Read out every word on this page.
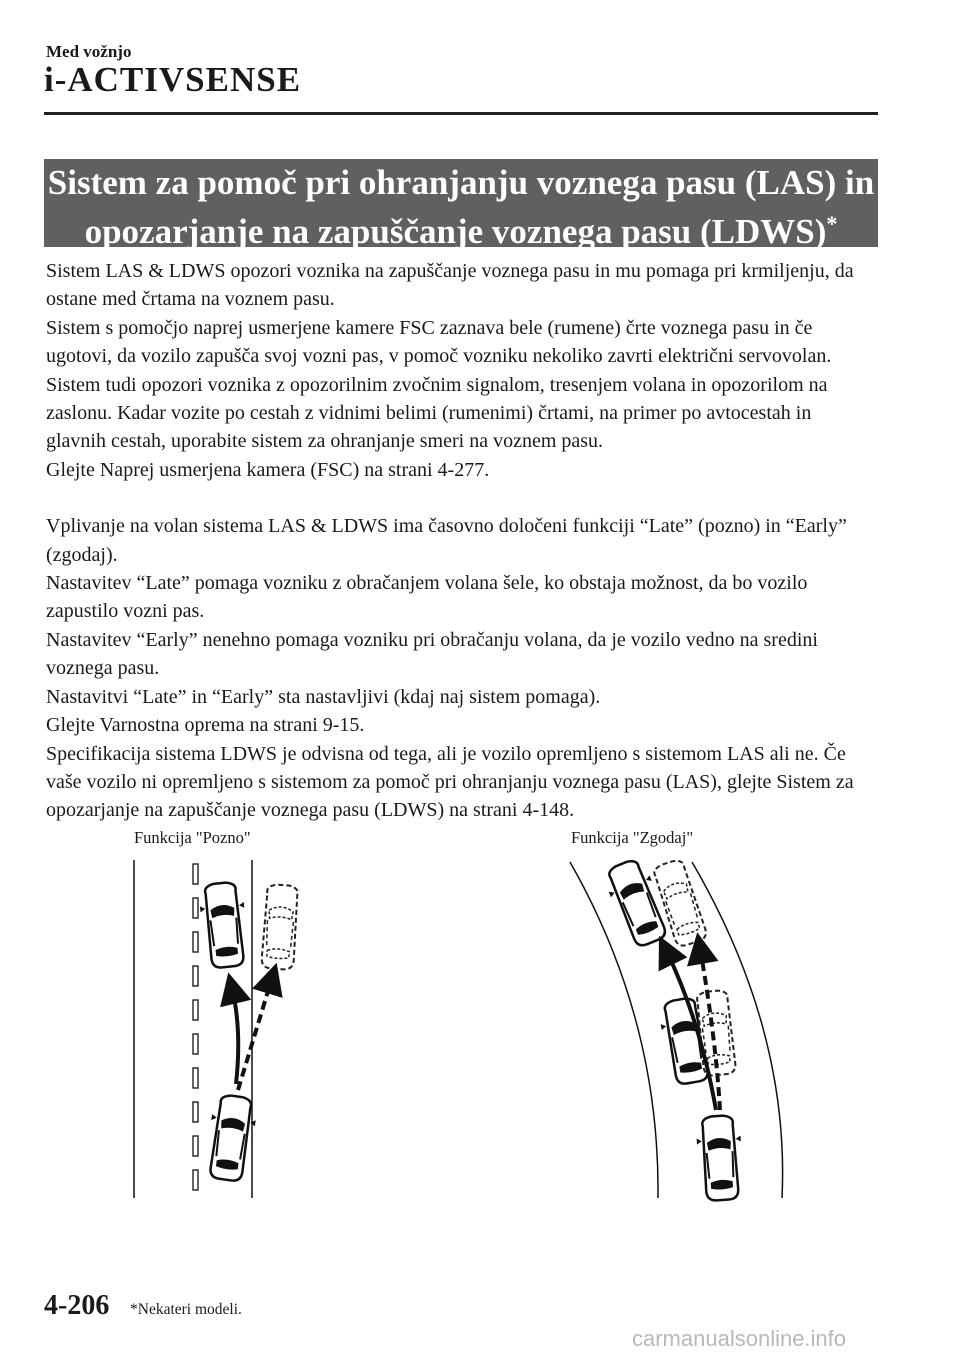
Med vožnjo
i-ACTIVSENSE
Sistem za pomoč pri ohranjanju voznega pasu (LAS) in
opozarjanje na zapuščanje voznega pasu (LDWS)*

Sistem LAS & LDWS opozori voznika na zapuščanje voznega pasu in mu pomaga pri krmiljenju, da ostane med črtama na voznem pasu.

Sistem s pomočjo naprej usmerjene kamere FSC zaznava bele (rumene) črte voznega pasu in če ugotovi, da vozilo zapušča svoj vozni pas, v pomoč vozniku nekoliko zavrti električni servovolan. Sistem tudi opozori voznika z opozorilnim zvočnim signalom, tresenjem volana in opozorilom na zaslonu. Kadar vozite po cestah z vidnimi belimi (rumenimi) črtami, na primer po avtocestah in glavnih cestah, uporabite sistem za ohranjanje smeri na voznem pasu.

Glejte Naprej usmerjena kamera (FSC) na strani 4-277.

Vplivanje na volan sistema LAS & LDWS ima časovno določeni funkciji “Late” (pozno) in “Early” (zgodaj).

Nastavitev “Late” pomaga vozniku z obračanjem volana šele, ko obstaja možnost, da bo vozilo zapustilo vozni pas.

Nastavitev “Early” nenehno pomaga vozniku pri obračanju volana, da je vozilo vedno na sredini voznega pasu.

Nastavitvi “Late” in “Early” sta nastavljivi (kdaj naj sistem pomaga).

Glejte Varnostna oprema na strani 9-15.

Specifikacija sistema LDWS je odvisna od tega, ali je vozilo opremljeno s sistemom LAS ali ne. Če vaše vozilo ni opremljeno s sistemom za pomoč pri ohranjanju voznega pasu (LAS), glejte Sistem za opozarjanje na zapuščanje voznega pasu (LDWS) na strani 4-148.

Funkcija "Pozno"	Funkcija "Zgodaj"
4-206 *Nekateri modeli.
carmanualsonline.info
